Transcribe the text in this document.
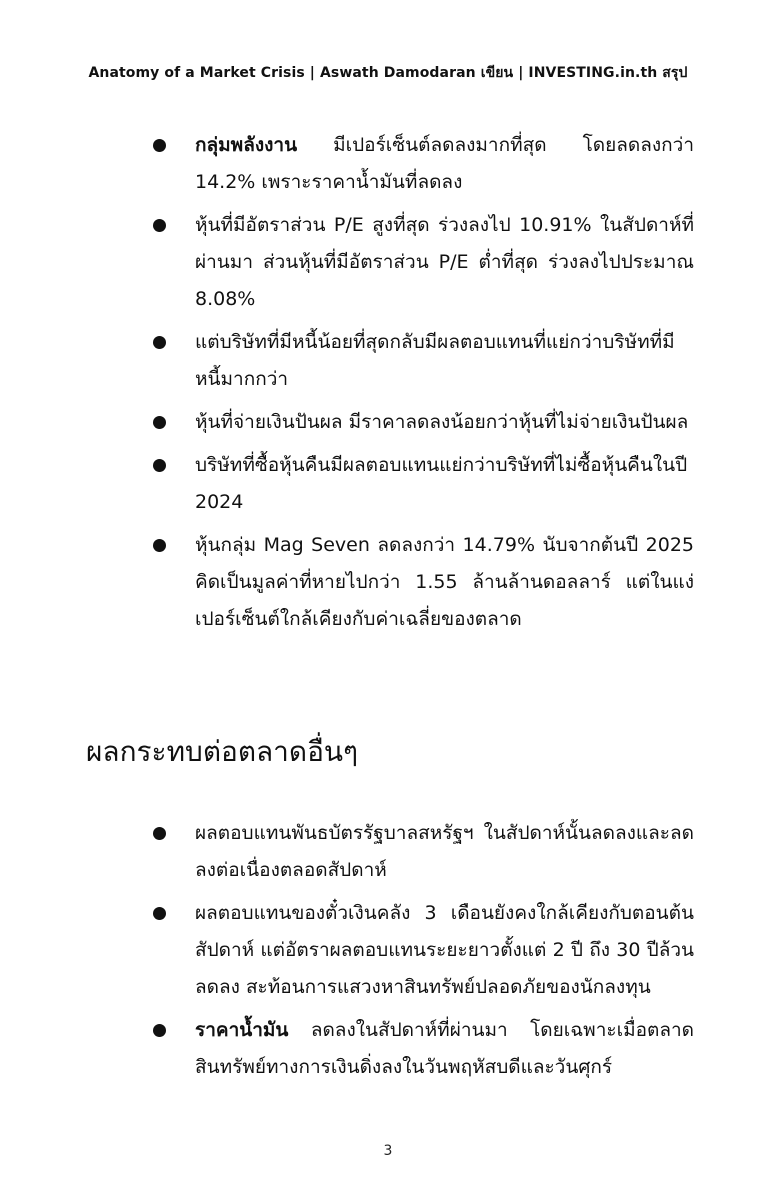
Anatomy of a Market Crisis | Aswath Damodaran เขียน | INVESTING.in.th สรุป
กลุ่มพลังงาน มีเปอร์เซ็นต์ลดลงมากที่สุด โดยลดลงกว่า 14.2% เพราะราคาน้ำมันที่ลดลง
หุ้นที่มีอัตราส่วน P/E สูงที่สุด ร่วงลงไป 10.91% ในสัปดาห์ที่ผ่านมา ส่วนหุ้นที่มีอัตราส่วน P/E ต่ำที่สุด ร่วงลงไปประมาณ 8.08%
แต่บริษัทที่มีหนี้น้อยที่สุดกลับมีผลตอบแทนที่แย่กว่าบริษัทที่มีหนี้มากกว่า
หุ้นที่จ่ายเงินปันผล มีราคาลดลงน้อยกว่าหุ้นที่ไม่จ่ายเงินปันผล
บริษัทที่ซื้อหุ้นคืนมีผลตอบแทนแย่กว่าบริษัทที่ไม่ซื้อหุ้นคืนในปี 2024
หุ้นกลุ่ม Mag Seven ลดลงกว่า 14.79% นับจากต้นปี 2025 คิดเป็นมูลค่าที่หายไปกว่า 1.55 ล้านล้านดอลลาร์ แต่ในแง่เปอร์เซ็นต์ใกล้เคียงกับค่าเฉลี่ยของตลาด
ผลกระทบต่อตลาดอื่นๆ
ผลตอบแทนพันธบัตรรัฐบาลสหรัฐฯ ในสัปดาห์นั้นลดลงและลดลงต่อเนื่องตลอดสัปดาห์
ผลตอบแทนของตั๋วเงินคลัง 3 เดือนยังคงใกล้เคียงกับตอนต้นสัปดาห์ แต่อัตราผลตอบแทนระยะยาวตั้งแต่ 2 ปี ถึง 30 ปีล้วนลดลง สะท้อนการแสวงหาสินทรัพย์ปลอดภัยของนักลงทุน
ราคาน้ำมัน ลดลงในสัปดาห์ที่ผ่านมา โดยเฉพาะเมื่อตลาดสินทรัพย์ทางการเงินดิ่งลงในวันพฤหัสบดีและวันศุกร์
3
